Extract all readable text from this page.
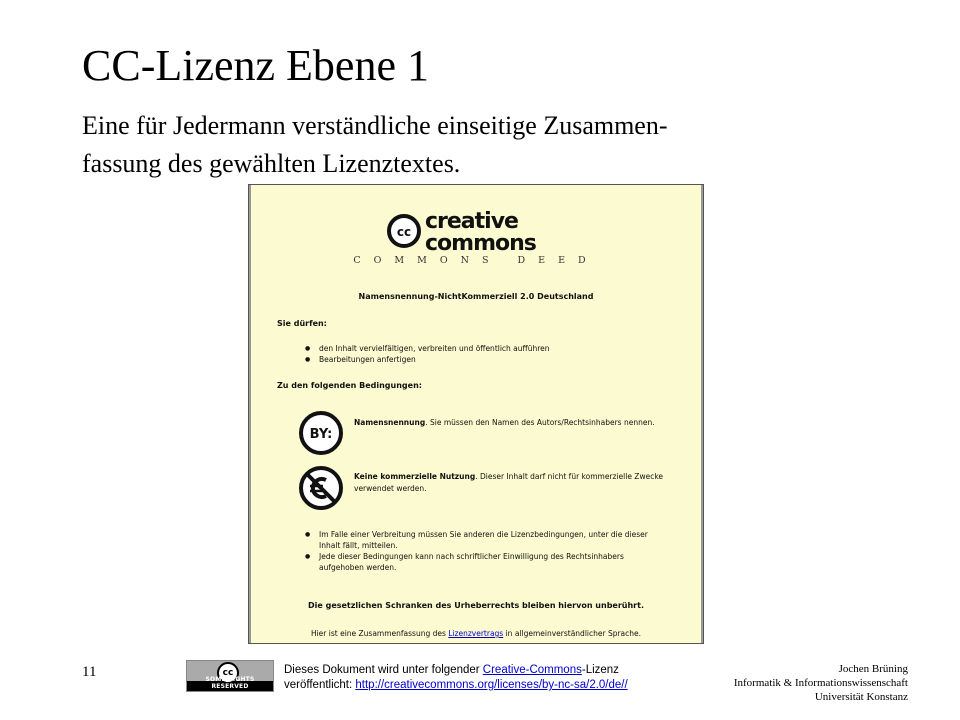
CC-Lizenz Ebene 1
Eine für Jedermann verständliche einseitige Zusammen-
fassung des gewählten Lizenztextes.
cc creative
commons
COMMONS DEED
Namensnennung-NichtKommerziell 2.0 Deutschland
Sie dürfen:
● den Inhalt vervielfältigen, verbreiten und öffentlich aufführen
● Bearbeitungen anfertigen
Zu den folgenden Bedingungen:
BY:
Namensnennung. Sie müssen den Namen des Autors/Rechtsinhabers nennen.
Keine kommerzielle Nutzung. Dieser Inhalt darf nicht für kommerzielle Zwecke verwendet werden.
● Im Falle einer Verbreitung müssen Sie anderen die Lizenzbedingungen, unter die dieser Inhalt fällt, mitteilen.
● Jede dieser Bedingungen kann nach schriftlicher Einwilligung des Rechtsinhabers aufgehoben werden.
Die gesetzlichen Schranken des Urheberrechts bleiben hiervon unberührt.
Hier ist eine Zusammenfassung des Lizenzvertrags in allgemeinverständlicher Sprache.
11	cc
SOME RIGHTS RESERVED
Dieses Dokument wird unter folgender Creative-Commons-Lizenz
veröffentlicht: http://creativecommons.org/licenses/by-nc-sa/2.0/de//
Jochen Brüning
Informatik & Informationswissenschaft
Universität Konstanz
